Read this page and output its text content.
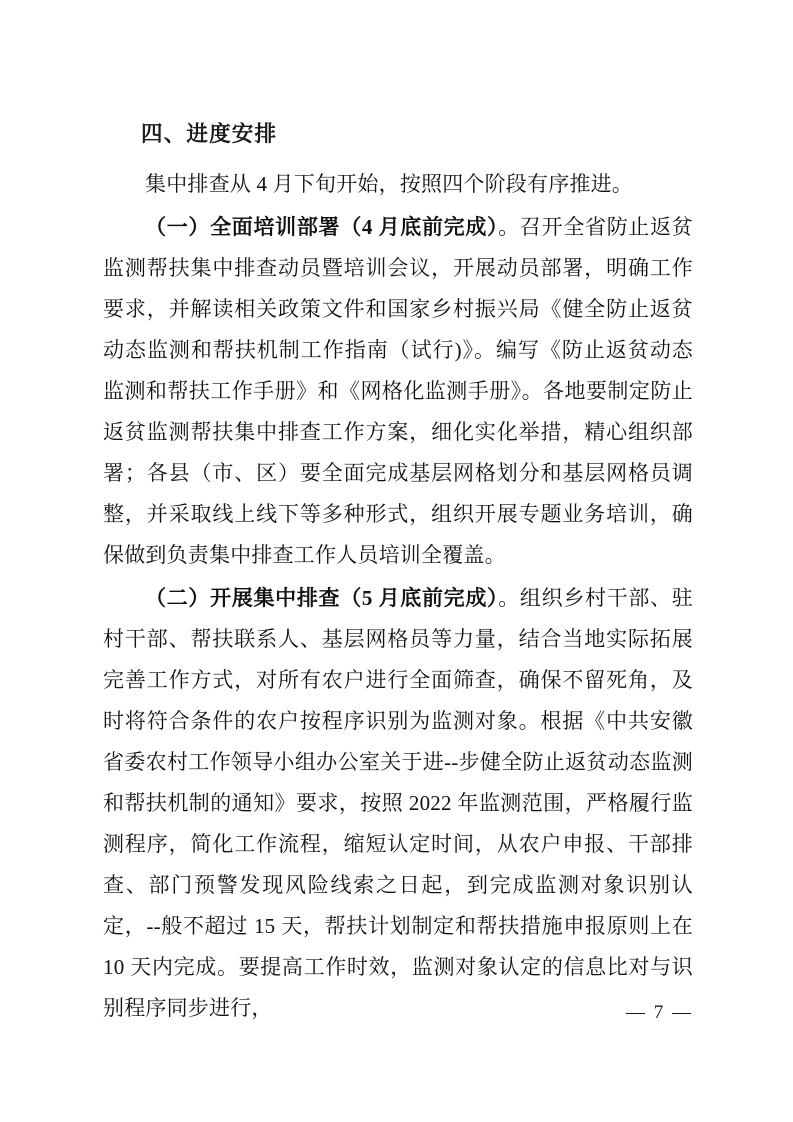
四、进度安排

集中排查从 4 月下旬开始，按照四个阶段有序推进。

（一）全面培训部署（4 月底前完成）。召开全省防止返贫监测帮扶集中排查动员暨培训会议，开展动员部署，明确工作要求，并解读相关政策文件和国家乡村振兴局《健全防止返贫动态监测和帮扶机制工作指南（试行)》。编写《防止返贫动态监测和帮扶工作手册》和《网格化监测手册》。各地要制定防止返贫监测帮扶集中排查工作方案，细化实化举措，精心组织部署；各县（市、区）要全面完成基层网格划分和基层网格员调整，并采取线上线下等多种形式，组织开展专题业务培训，确保做到负责集中排查工作人员培训全覆盖。

（二）开展集中排查（5 月底前完成）。组织乡村干部、驻村干部、帮扶联系人、基层网格员等力量，结合当地实际拓展完善工作方式，对所有农户进行全面筛查，确保不留死角，及时将符合条件的农户按程序识别为监测对象。根据《中共安徽省委农村工作领导小组办公室关于进--步健全防止返贫动态监测和帮扶机制的通知》要求，按照 2022 年监测范围，严格履行监测程序，简化工作流程，缩短认定时间，从农户申报、干部排查、部门预警发现风险线索之日起，到完成监测对象识别认定，--般不超过 15 天，帮扶计划制定和帮扶措施申报原则上在 10 天内完成。要提高工作时效，监测对象认定的信息比对与识别程序同步进行，	— 7 —
